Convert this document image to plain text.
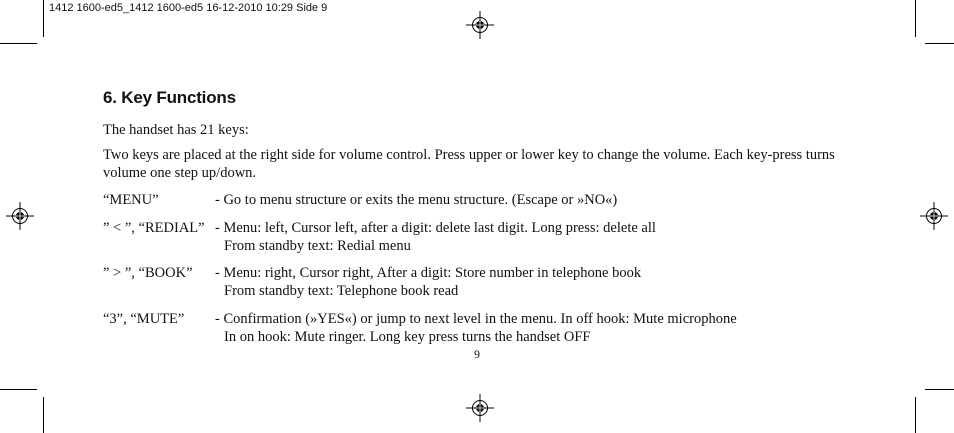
1412 1600-ed5_1412 1600-ed5 16-12-2010 10:29 Side 9
6. Key Functions

The handset has 21 keys:

Two keys are placed at the right side for volume control. Press upper or lower key to change the volume. Each key-press turns volume one step up/down.

“MENU”	- Go to menu structure or exits the menu structure. (Escape or »NO«)
” < ”, “REDIAL” - Menu: left, Cursor left, after a digit: delete last digit. Long press: delete all
From standby text: Redial menu
” > ”, “BOOK” - Menu: right, Cursor right, After a digit: Store number in telephone book
From standby text: Telephone book read
“3”, “MUTE” - Confirmation (»YES«) or jump to next level in the menu. In off hook: Mute microphone
In on hook: Mute ringer. Long key press turns the handset OFF
9
